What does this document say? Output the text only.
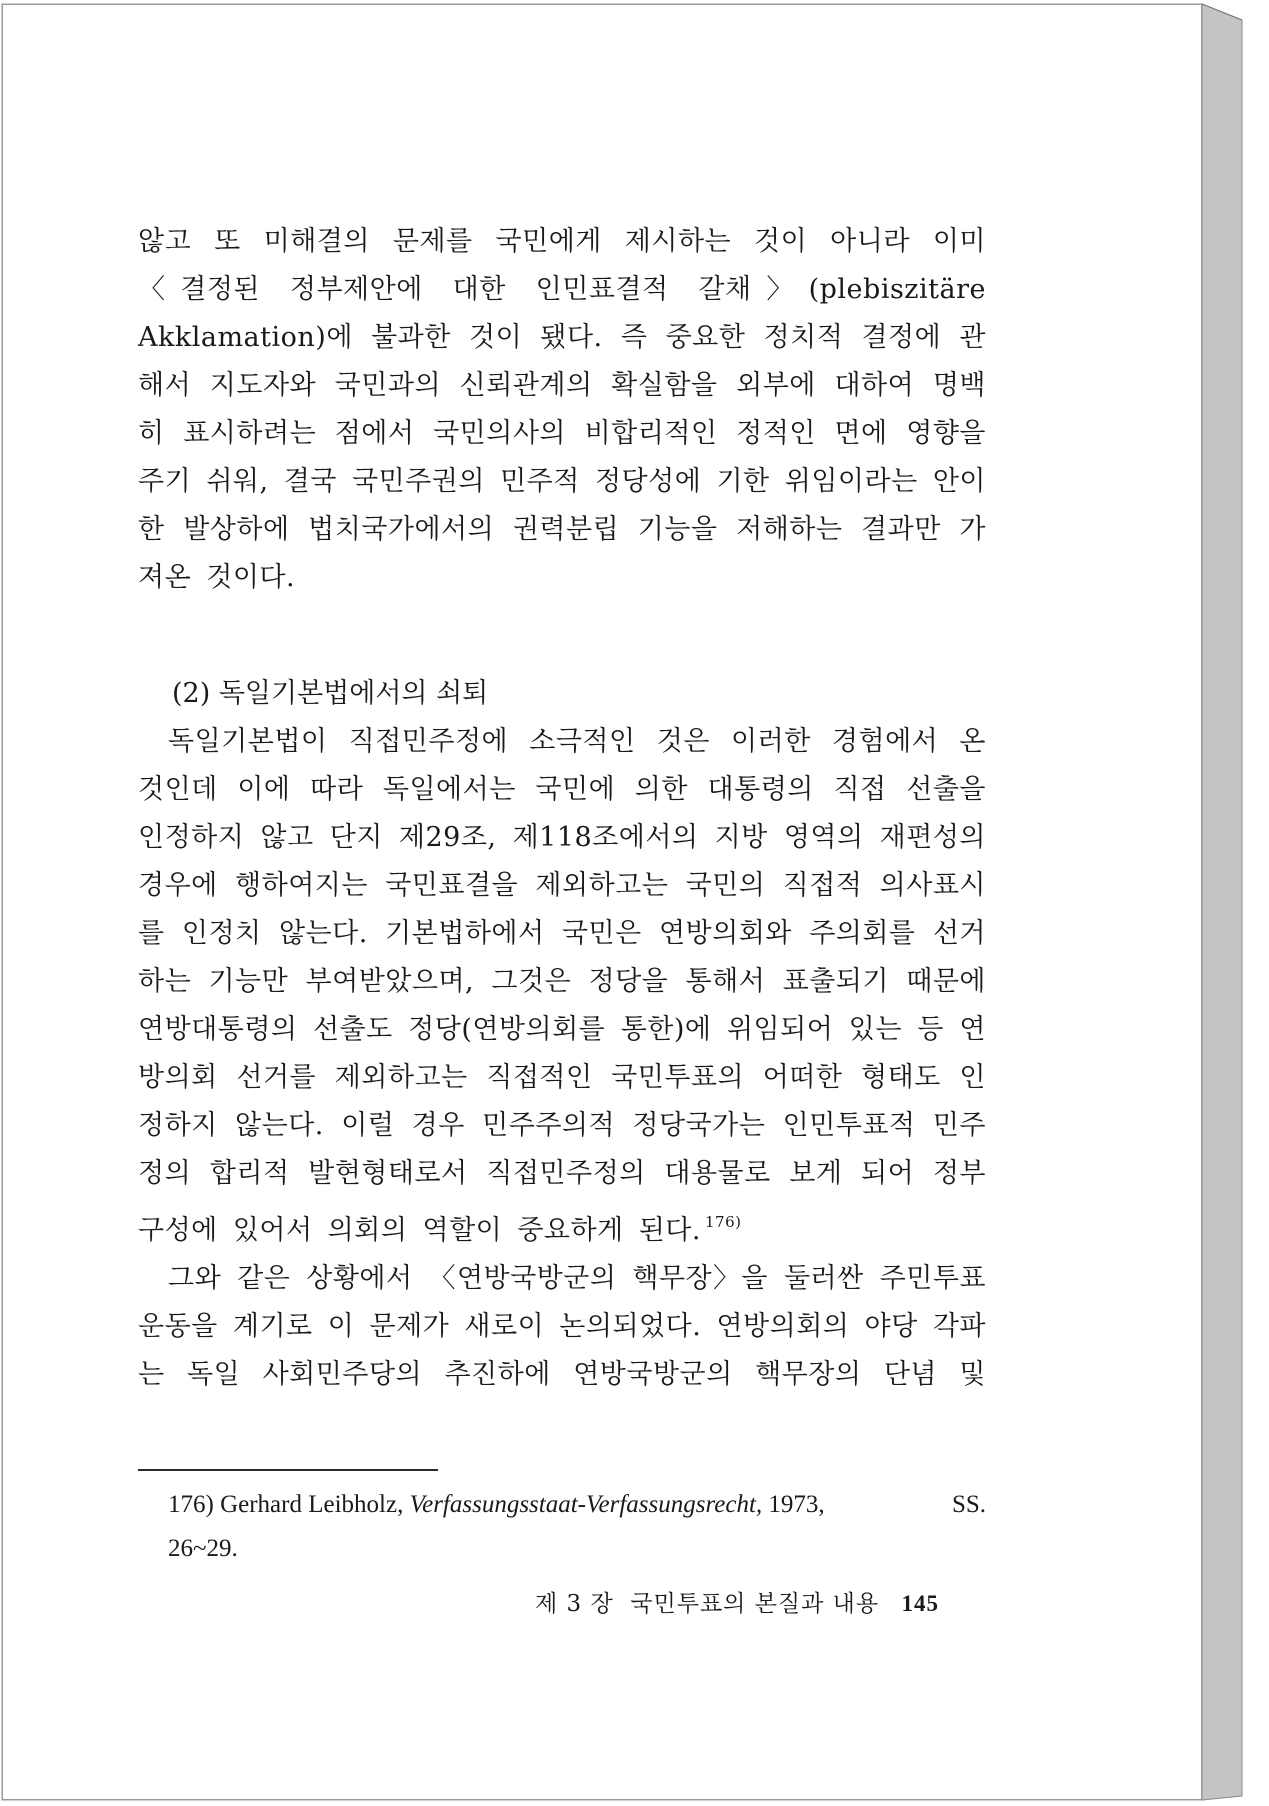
않고 또 미해결의 문제를 국민에게 제시하는 것이 아니라 이미 〈결정된 정부제안에 대한 인민표결적 갈채〉(plebiszitäre Akklamation)에 불과한 것이 됐다. 즉 중요한 정치적 결정에 관해서 지도자와 국민과의 신뢰관계의 확실함을 외부에 대하여 명백히 표시하려는 점에서 국민의사의 비합리적인 정적인 면에 영향을 주기 쉬워, 결국 국민주권의 민주적 정당성에 기한 위임이라는 안이한 발상하에 법치국가에서의 권력분립 기능을 저해하는 결과만 가져온 것이다.

(2) 독일기본법에서의 쇠퇴

독일기본법이 직접민주정에 소극적인 것은 이러한 경험에서 온 것인데 이에 따라 독일에서는 국민에 의한 대통령의 직접 선출을 인정하지 않고 단지 제29조, 제118조에서의 지방 영역의 재편성의 경우에 행하여지는 국민표결을 제외하고는 국민의 직접적 의사표시를 인정치 않는다. 기본법하에서 국민은 연방의회와 주의회를 선거하는 기능만 부여받았으며, 그것은 정당을 통해서 표출되기 때문에 연방대통령의 선출도 정당(연방의회를 통한)에 위임되어 있는 등 연방의회 선거를 제외하고는 직접적인 국민투표의 어떠한 형태도 인정하지 않는다. 이럴 경우 민주주의적 정당국가는 인민투표적 민주정의 합리적 발현형태로서 직접민주정의 대용물로 보게 되어 정부 구성에 있어서 의회의 역할이 중요하게 된다. $^{176)}$

그와 같은 상황에서 〈연방국방군의 핵무장〉을 둘러싼 주민투표 운동을 계기로 이 문제가 새로이 논의되었다. 연방의회의 야당 각파는 독일 사회민주당의 추진하에 연방국방군의 핵무장의 단념 및

176) Gerhard Leibholz, Verfassungsstaat-Verfassungsrecht, 1973,	SS.
26~29.
제 3 장  국민투표의 본질과 내용 145
